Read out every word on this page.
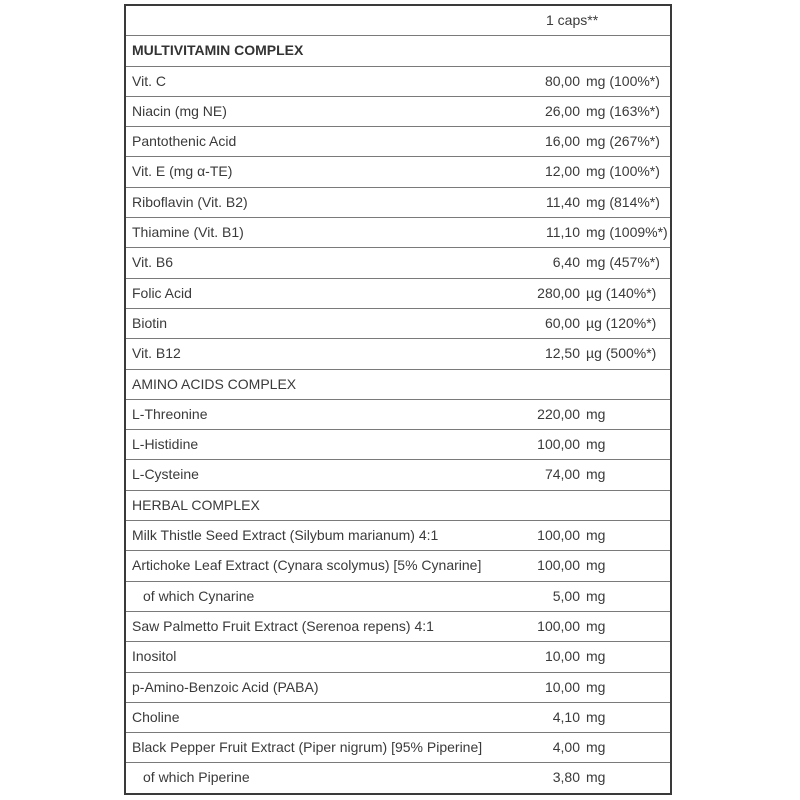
	1 caps**	
MULTIVITAMIN COMPLEX		
Vit. C	80,00	mg (100%*)
Niacin (mg NE)	26,00	mg (163%*)
Pantothenic Acid	16,00	mg (267%*)
Vit. E (mg α-TE)	12,00	mg (100%*)
Riboflavin (Vit. B2)	11,40	mg (814%*)
Thiamine (Vit. B1)	11,10	mg (1009%*)
Vit. B6	6,40	mg (457%*)
Folic Acid	280,00	µg (140%*)
Biotin	60,00	µg (120%*)
Vit. B12	12,50	µg (500%*)
AMINO ACIDS COMPLEX		
L-Threonine	220,00	mg
L-Histidine	100,00	mg
L-Cysteine	74,00	mg
HERBAL COMPLEX		
Milk Thistle Seed Extract (Silybum marianum) 4:1	100,00	mg
Artichoke Leaf Extract (Cynara scolymus) [5% Cynarine]	100,00	mg
of which Cynarine	5,00	mg
Saw Palmetto Fruit Extract (Serenoa repens) 4:1	100,00	mg
Inositol	10,00	mg
p-Amino-Benzoic Acid (PABA)	10,00	mg
Choline	4,10	mg
Black Pepper Fruit Extract (Piper nigrum) [95% Piperine]	4,00	mg
of which Piperine	3,80	mg
